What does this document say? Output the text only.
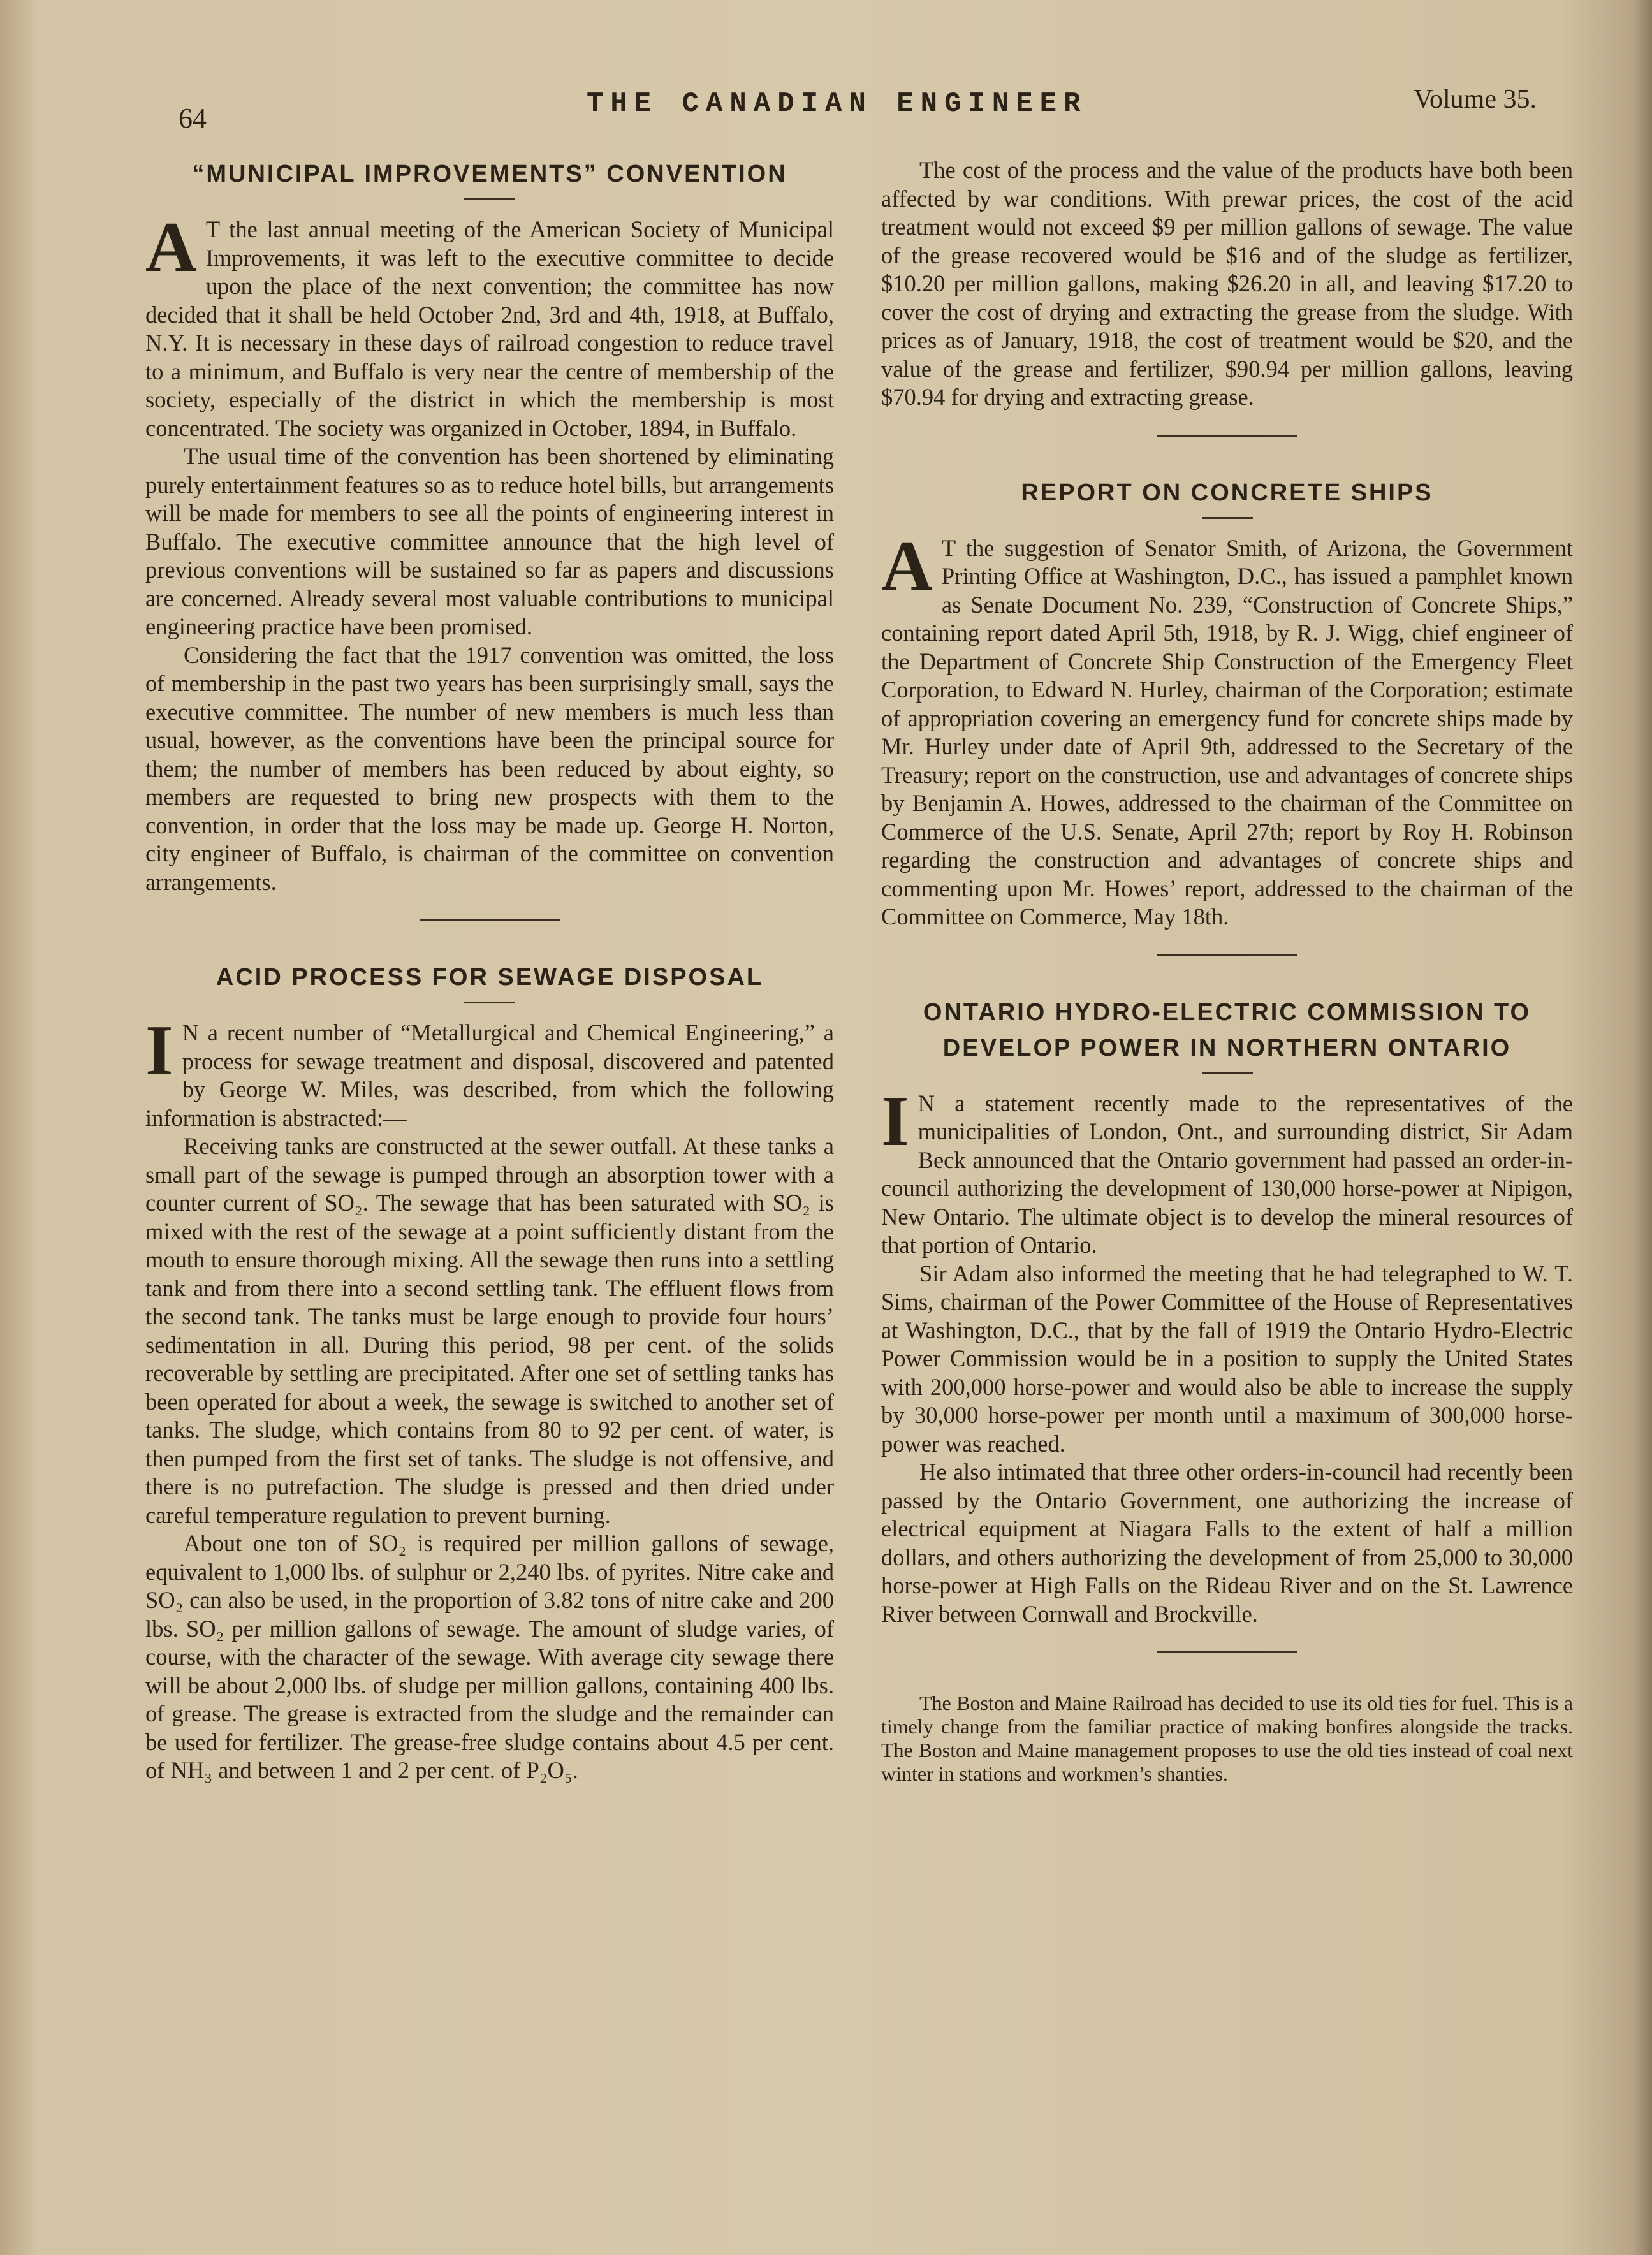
64	THE CANADIAN ENGINEER	Volume 35.
“MUNICIPAL IMPROVEMENTS” CONVENTION

A T the last annual meeting of the American Society of Municipal Improvements, it was left to the executive committee to decide upon the place of the next convention; the committee has now decided that it shall be held October 2nd, 3rd and 4th, 1918, at Buffalo, N.Y. It is necessary in these days of railroad congestion to reduce travel to a minimum, and Buffalo is very near the centre of membership of the society, especially of the district in which the membership is most concentrated. The society was organized in October, 1894, in Buffalo.

The usual time of the convention has been shortened by eliminating purely entertainment features so as to reduce hotel bills, but arrangements will be made for members to see all the points of engineering interest in Buffalo. The executive committee announce that the high level of previous conventions will be sustained so far as papers and discussions are concerned. Already several most valuable contributions to municipal engineering practice have been promised.

Considering the fact that the 1917 convention was omitted, the loss of membership in the past two years has been surprisingly small, says the executive committee. The number of new members is much less than usual, however, as the conventions have been the principal source for them; the number of members has been reduced by about eighty, so members are requested to bring new prospects with them to the convention, in order that the loss may be made up. George H. Norton, city engineer of Buffalo, is chairman of the committee on convention arrangements.

ACID PROCESS FOR SEWAGE DISPOSAL

I N a recent number of “Metallurgical and Chemical Engineering,” a process for sewage treatment and disposal, discovered and patented by George W. Miles, was described, from which the following information is abstracted:—

Receiving tanks are constructed at the sewer outfall. At these tanks a small part of the sewage is pumped through an absorption tower with a counter current of SO₂. The sewage that has been saturated with SO₂ is mixed with the rest of the sewage at a point sufficiently distant from the mouth to ensure thorough mixing. All the sewage then runs into a settling tank and from there into a second settling tank. The effluent flows from the second tank. The tanks must be large enough to provide four hours’ sedimentation in all. During this period, 98 per cent. of the solids recoverable by settling are precipitated. After one set of settling tanks has been operated for about a week, the sewage is switched to another set of tanks. The sludge, which contains from 80 to 92 per cent. of water, is then pumped from the first set of tanks. The sludge is not offensive, and there is no putrefaction. The sludge is pressed and then dried under careful temperature regulation to prevent burning.

About one ton of SO₂ is required per million gallons of sewage, equivalent to 1,000 lbs. of sulphur or 2,240 lbs. of pyrites. Nitre cake and SO₂ can also be used, in the proportion of 3.82 tons of nitre cake and 200 lbs. SO₂ per million gallons of sewage. The amount of sludge varies, of course, with the character of the sewage. With average city sewage there will be about 2,000 lbs. of sludge per million gallons, containing 400 lbs. of grease. The grease is extracted from the sludge and the remainder can be used for fertilizer. The grease-free sludge contains about 4.5 per cent. of NH₃ and between 1 and 2 per cent. of P₂O₅.

The cost of the process and the value of the products have both been affected by war conditions. With prewar prices, the cost of the acid treatment would not exceed $9 per million gallons of sewage. The value of the grease recovered would be $16 and of the sludge as fertilizer, $10.20 per million gallons, making $26.20 in all, and leaving $17.20 to cover the cost of drying and extracting the grease from the sludge. With prices as of January, 1918, the cost of treatment would be $20, and the value of the grease and fertilizer, $90.94 per million gallons, leaving $70.94 for drying and extracting grease.

REPORT ON CONCRETE SHIPS

A T the suggestion of Senator Smith, of Arizona, the Government Printing Office at Washington, D.C., has issued a pamphlet known as Senate Document No. 239, “Construction of Concrete Ships,” containing report dated April 5th, 1918, by R. J. Wigg, chief engineer of the Department of Concrete Ship Construction of the Emergency Fleet Corporation, to Edward N. Hurley, chairman of the Corporation; estimate of appropriation covering an emergency fund for concrete ships made by Mr. Hurley under date of April 9th, addressed to the Secretary of the Treasury; report on the construction, use and advantages of concrete ships by Benjamin A. Howes, addressed to the chairman of the Committee on Commerce of the U.S. Senate, April 27th; report by Roy H. Robinson regarding the construction and advantages of concrete ships and commenting upon Mr. Howes’ report, addressed to the chairman of the Committee on Commerce, May 18th.

ONTARIO HYDRO-ELECTRIC COMMISSION TO DEVELOP POWER IN NORTHERN ONTARIO

I N a statement recently made to the representatives of the municipalities of London, Ont., and surrounding district, Sir Adam Beck announced that the Ontario government had passed an order-in-council authorizing the development of 130,000 horse-power at Nipigon, New Ontario. The ultimate object is to develop the mineral resources of that portion of Ontario.

Sir Adam also informed the meeting that he had telegraphed to W. T. Sims, chairman of the Power Committee of the House of Representatives at Washington, D.C., that by the fall of 1919 the Ontario Hydro-Electric Power Commission would be in a position to supply the United States with 200,000 horse-power and would also be able to increase the supply by 30,000 horse-power per month until a maximum of 300,000 horse-power was reached.

He also intimated that three other orders-in-council had recently been passed by the Ontario Government, one authorizing the increase of electrical equipment at Niagara Falls to the extent of half a million dollars, and others authorizing the development of from 25,000 to 30,000 horse-power at High Falls on the Rideau River and on the St. Lawrence River between Cornwall and Brockville.

The Boston and Maine Railroad has decided to use its old ties for fuel. This is a timely change from the familiar practice of making bonfires alongside the tracks. The Boston and Maine management proposes to use the old ties instead of coal next winter in stations and workmen’s shanties.
